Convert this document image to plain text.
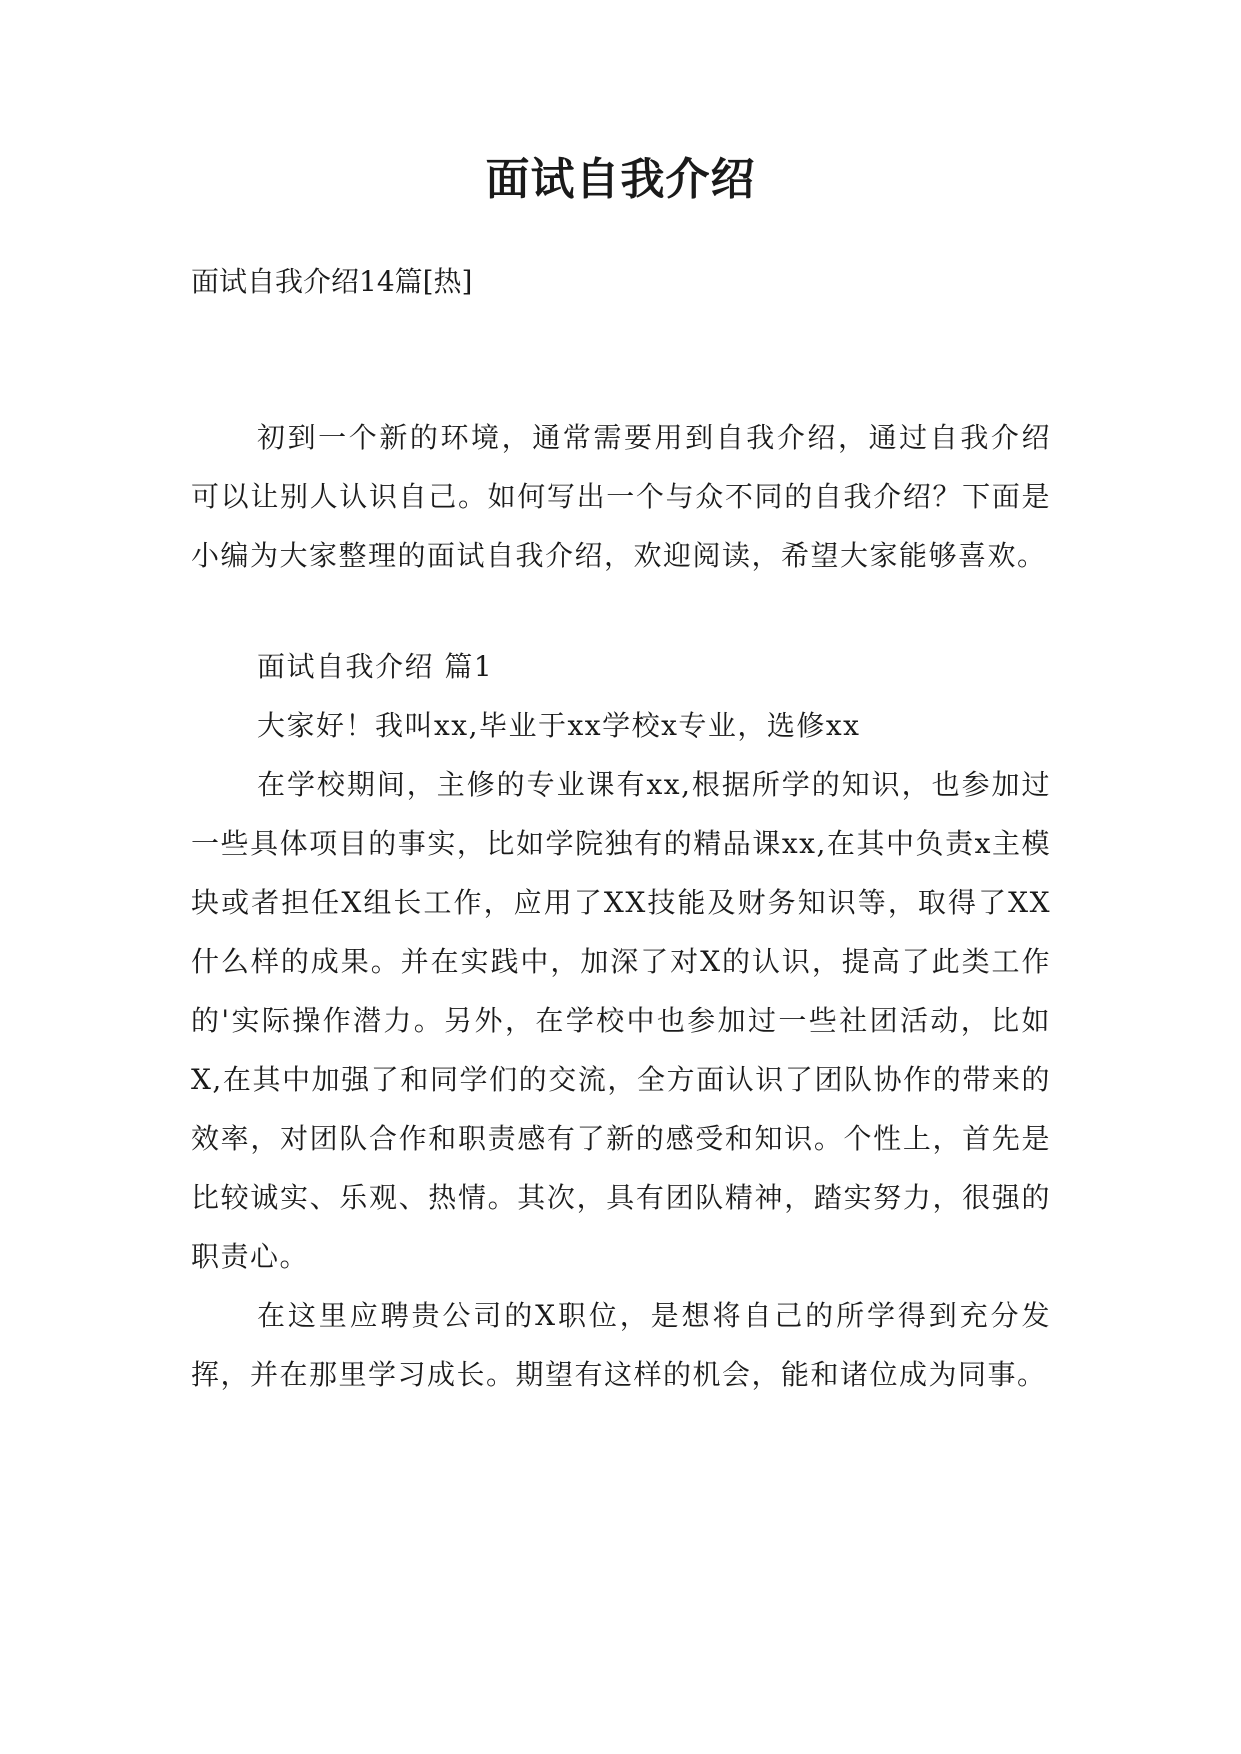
面试自我介绍

面试自我介绍14篇[热]

初到一个新的环境，通常需要用到自我介绍，通过自我介绍可以让别人认识自己。如何写出一个与众不同的自我介绍？下面是小编为大家整理的面试自我介绍，欢迎阅读，希望大家能够喜欢。

面试自我介绍 篇1

大家好！我叫xx,毕业于xx学校x专业，选修xx

在学校期间，主修的专业课有xx,根据所学的知识，也参加过一些具体项目的事实，比如学院独有的精品课xx,在其中负责x主模块或者担任X组长工作，应用了XX技能及财务知识等，取得了XX什么样的成果。并在实践中，加深了对X的认识，提高了此类工作的'实际操作潜力。另外，在学校中也参加过一些社团活动，比如X,在其中加强了和同学们的交流，全方面认识了团队协作的带来的效率，对团队合作和职责感有了新的感受和知识。个性上，首先是比较诚实、乐观、热情。其次，具有团队精神，踏实努力，很强的职责心。

在这里应聘贵公司的X职位，是想将自己的所学得到充分发挥，并在那里学习成长。期望有这样的机会，能和诸位成为同事。
